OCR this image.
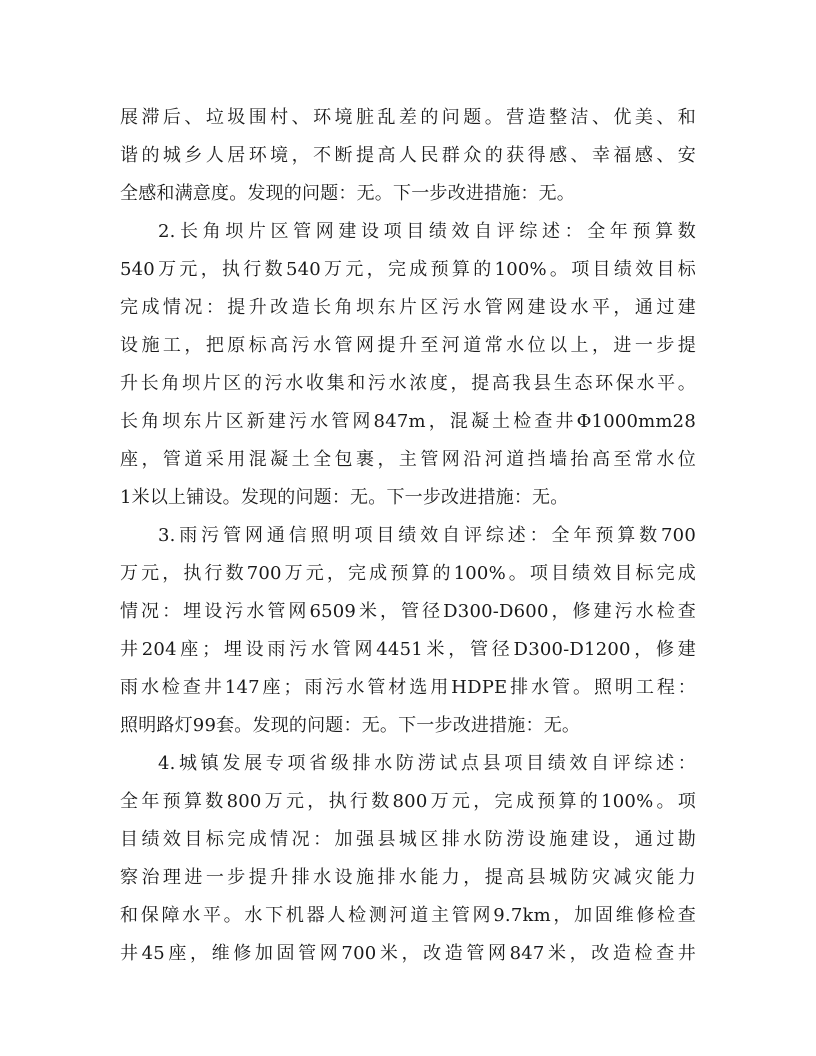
展滞后、垃圾围村、环境脏乱差的问题。营造整洁、优美、和
谐的城乡人居环境，不断提高人民群众的获得感、幸福感、安
全感和满意度。发现的问题：无。下一步改进措施：无。
2.长角坝片区管网建设项目绩效自评综述：全年预算数
540万元，执行数540万元，完成预算的100%。项目绩效目标
完成情况：提升改造长角坝东片区污水管网建设水平，通过建
设施工，把原标高污水管网提升至河道常水位以上，进一步提
升长角坝片区的污水收集和污水浓度，提高我县生态环保水平。
长角坝东片区新建污水管网847m，混凝土检查井Φ1000mm28
座，管道采用混凝土全包裹，主管网沿河道挡墙抬高至常水位
1米以上铺设。发现的问题：无。下一步改进措施：无。
3.雨污管网通信照明项目绩效自评综述：全年预算数700
万元，执行数700万元，完成预算的100%。项目绩效目标完成
情况：埋设污水管网6509米，管径D300-D600，修建污水检查
井204座；埋设雨污水管网4451米，管径D300-D1200，修建
雨水检查井147座；雨污水管材选用HDPE排水管。照明工程：
照明路灯99套。发现的问题：无。下一步改进措施：无。
4.城镇发展专项省级排水防涝试点县项目绩效自评综述：
全年预算数800万元，执行数800万元，完成预算的100%。项
目绩效目标完成情况：加强县城区排水防涝设施建设，通过勘
察治理进一步提升排水设施排水能力，提高县城防灾减灾能力
和保障水平。水下机器人检测河道主管网9.7km，加固维修检查
井45座，维修加固管网700米，改造管网847米，改造检查井
